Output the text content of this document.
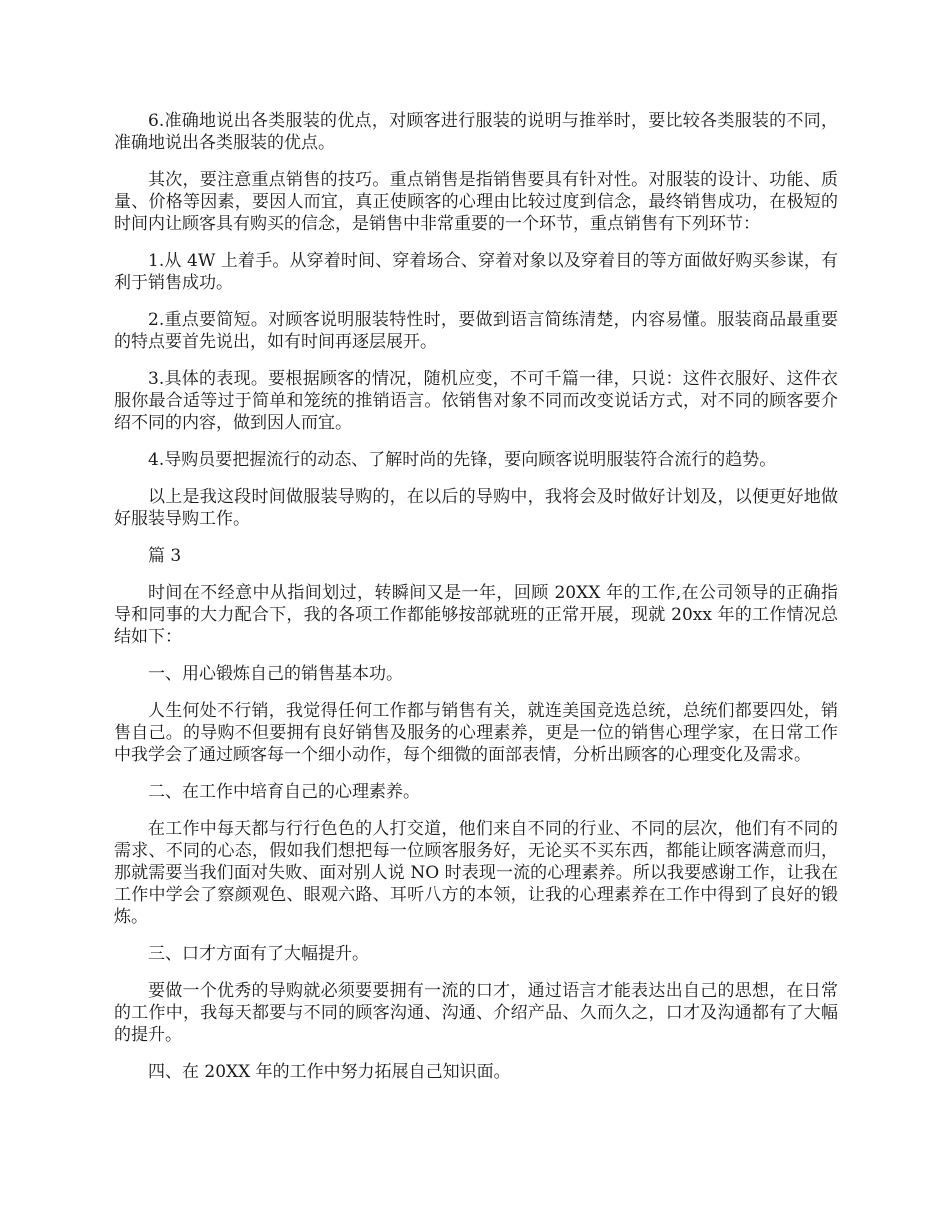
6.准确地说出各类服装的优点，对顾客进行服装的说明与推举时，要比较各类服装的不同，准确地说出各类服装的优点。

其次，要注意重点销售的技巧。重点销售是指销售要具有针对性。对服装的设计、功能、质量、价格等因素，要因人而宜，真正使顾客的心理由比较过度到信念，最终销售成功，在极短的时间内让顾客具有购买的信念，是销售中非常重要的一个环节，重点销售有下列环节：

1.从 4W 上着手。从穿着时间、穿着场合、穿着对象以及穿着目的等方面做好购买参谋，有利于销售成功。

2.重点要简短。对顾客说明服装特性时，要做到语言简练清楚，内容易懂。服装商品最重要的特点要首先说出，如有时间再逐层展开。

3.具体的表现。要根据顾客的情况，随机应变，不可千篇一律，只说：这件衣服好、这件衣服你最合适等过于简单和笼统的推销语言。依销售对象不同而改变说话方式，对不同的顾客要介绍不同的内容，做到因人而宜。

4.导购员要把握流行的动态、了解时尚的先锋，要向顾客说明服装符合流行的趋势。

以上是我这段时间做服装导购的，在以后的导购中，我将会及时做好计划及，以便更好地做好服装导购工作。

篇 3

时间在不经意中从指间划过，转瞬间又是一年，回顾 20XX 年的工作,在公司领导的正确指导和同事的大力配合下，我的各项工作都能够按部就班的正常开展，现就 20xx 年的工作情况总结如下：

一、用心锻炼自己的销售基本功。

人生何处不行销，我觉得任何工作都与销售有关，就连美国竞选总统，总统们都要四处，销售自己。的导购不但要拥有良好销售及服务的心理素养，更是一位的销售心理学家，在日常工作中我学会了通过顾客每一个细小动作，每个细微的面部表情，分析出顾客的心理变化及需求。

二、在工作中培育自己的心理素养。

在工作中每天都与行行色色的人打交道，他们来自不同的行业、不同的层次，他们有不同的需求、不同的心态，假如我们想把每一位顾客服务好，无论买不买东西，都能让顾客满意而归，那就需要当我们面对失败、面对别人说 NO 时表现一流的心理素养。所以我要感谢工作，让我在工作中学会了察颜观色、眼观六路、耳听八方的本领，让我的心理素养在工作中得到了良好的锻炼。

三、口才方面有了大幅提升。

要做一个优秀的导购就必须要要拥有一流的口才，通过语言才能表达出自己的思想，在日常的工作中，我每天都要与不同的顾客沟通、沟通、介绍产品、久而久之，口才及沟通都有了大幅的提升。

四、在 20XX 年的工作中努力拓展自己知识面。
